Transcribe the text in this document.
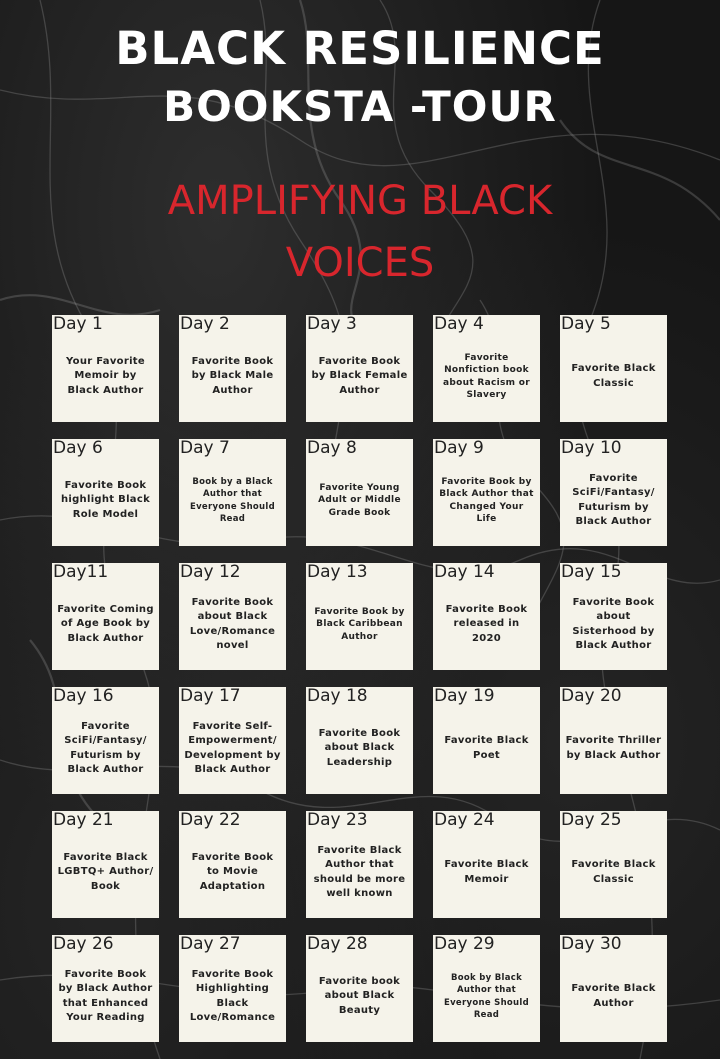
BLACK RESILIENCE
BOOKSTA -TOUR
AMPLIFYING BLACK
VOICES
Day 1
Your Favorite Memoir by Black Author
Day 2
Favorite Book by Black Male Author
Day 3
Favorite Book by Black Female Author
Day 4
Favorite Nonfiction book about Racism or Slavery
Day 5
Favorite Black Classic
Day 6
Favorite Book highlight Black Role Model
Day 7
Book by a Black Author that Everyone Should Read
Day 8
Favorite Young Adult or Middle Grade Book
Day 9
Favorite Book by Black Author that Changed Your Life
Day 10
Favorite SciFi/Fantasy/ Futurism by Black Author
Day11
Favorite Coming of Age Book by Black Author
Day 12
Favorite Book about Black Love/Romance novel
Day 13
Favorite Book by Black Caribbean Author
Day 14
Favorite Book released in 2020
Day 15
Favorite Book about Sisterhood by Black Author
Day 16
Favorite SciFi/Fantasy/ Futurism by Black Author
Day 17
Favorite Self-Empowerment/ Development by Black Author
Day 18
Favorite Book about Black Leadership
Day 19
Favorite Black Poet
Day 20
Favorite Thriller by Black Author
Day 21
Favorite Black LGBTQ+ Author/ Book
Day 22
Favorite Book to Movie Adaptation
Day 23
Favorite Black Author that should be more well known
Day 24
Favorite Black Memoir
Day 25
Favorite Black Classic
Day 26
Favorite Book by Black Author that Enhanced Your Reading
Day 27
Favorite Book Highlighting Black Love/Romance
Day 28
Favorite book about Black Beauty
Day 29
Book by Black Author that Everyone Should Read
Day 30
Favorite Black Author
